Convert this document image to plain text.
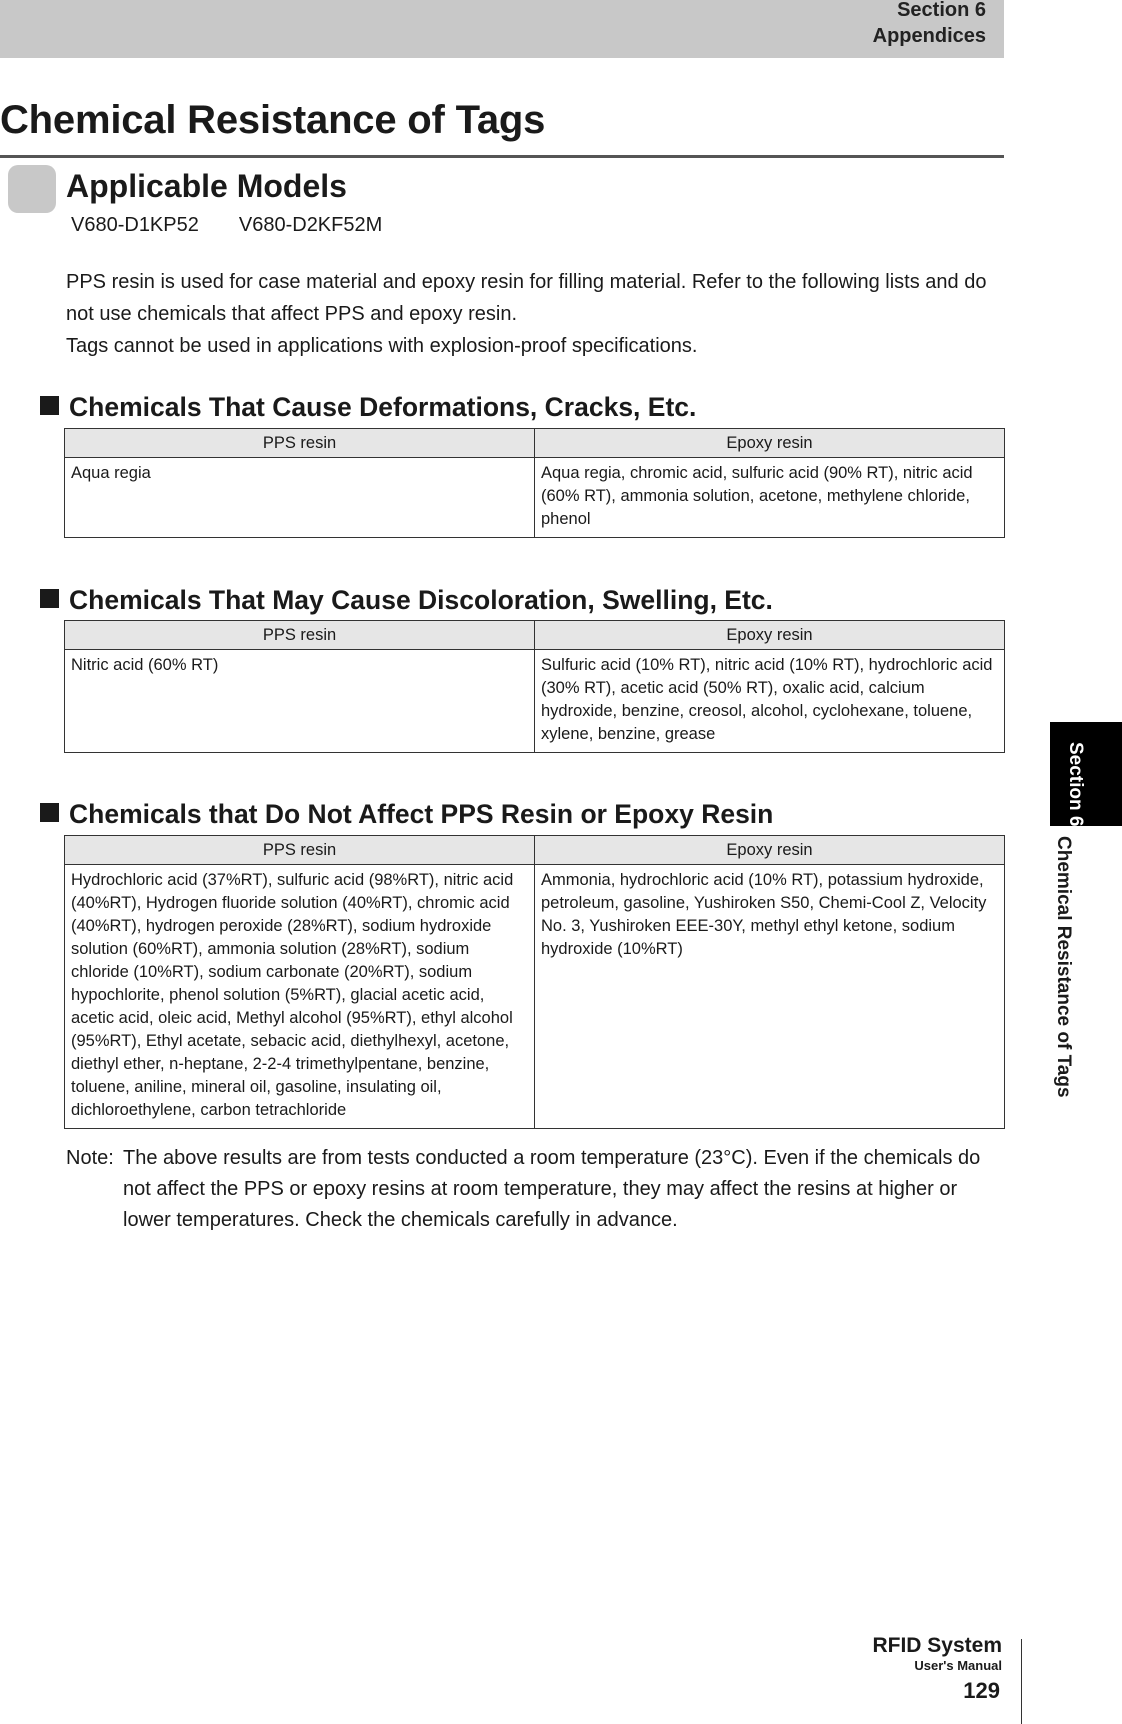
Section 6
Appendices
Chemical Resistance of Tags
Applicable Models
V680-D1KP52 V680-D2KF52M

PPS resin is used for case material and epoxy resin for filling material. Refer to the following lists and do not use chemicals that affect PPS and epoxy resin.

Tags cannot be used in applications with explosion-proof specifications.

Chemicals That Cause Deformations, Cracks, Etc.
PPS resin	Epoxy resin
Aqua regia	Aqua regia, chromic acid, sulfuric acid (90% RT), nitric acid (60% RT), ammonia solution, acetone, methylene chloride, phenol
Chemicals That May Cause Discoloration, Swelling, Etc.
PPS resin	Epoxy resin
Nitric acid (60% RT)	Sulfuric acid (10% RT), nitric acid (10% RT), hydrochloric acid (30% RT), acetic acid (50% RT), oxalic acid, calcium hydroxide, benzine, creosol, alcohol, cyclohexane, toluene, xylene, benzine, grease
Chemicals that Do Not Affect PPS Resin or Epoxy Resin
PPS resin	Epoxy resin
Hydrochloric acid (37%RT), sulfuric acid (98%RT), nitric acid (40%RT), Hydrogen fluoride solution (40%RT), chromic acid (40%RT), hydrogen peroxide (28%RT), sodium hydroxide solution (60%RT), ammonia solution (28%RT), sodium chloride (10%RT), sodium carbonate (20%RT), sodium hypochlorite, phenol solution (5%RT), glacial acetic acid, acetic acid, oleic acid, Methyl alcohol (95%RT), ethyl alcohol (95%RT), Ethyl acetate, sebacic acid, diethylhexyl, acetone, diethyl ether, n-heptane, 2-2-4 trimethylpentane, benzine, toluene, aniline, mineral oil, gasoline, insulating oil, dichloroethylene, carbon tetrachloride	Ammonia, hydrochloric acid (10% RT), potassium hydroxide, petroleum, gasoline, Yushiroken S50, Chemi-Cool Z, Velocity No. 3, Yushiroken EEE-30Y, methyl ethyl ketone, sodium hydroxide (10%RT)
Note: The above results are from tests conducted a room temperature (23°C). Even if the chemicals do not affect the PPS or epoxy resins at room temperature, they may affect the resins at higher or lower temperatures. Check the chemicals carefully in advance.
Section 6
Chemical Resistance of Tags
RFID System
User's Manual
129
